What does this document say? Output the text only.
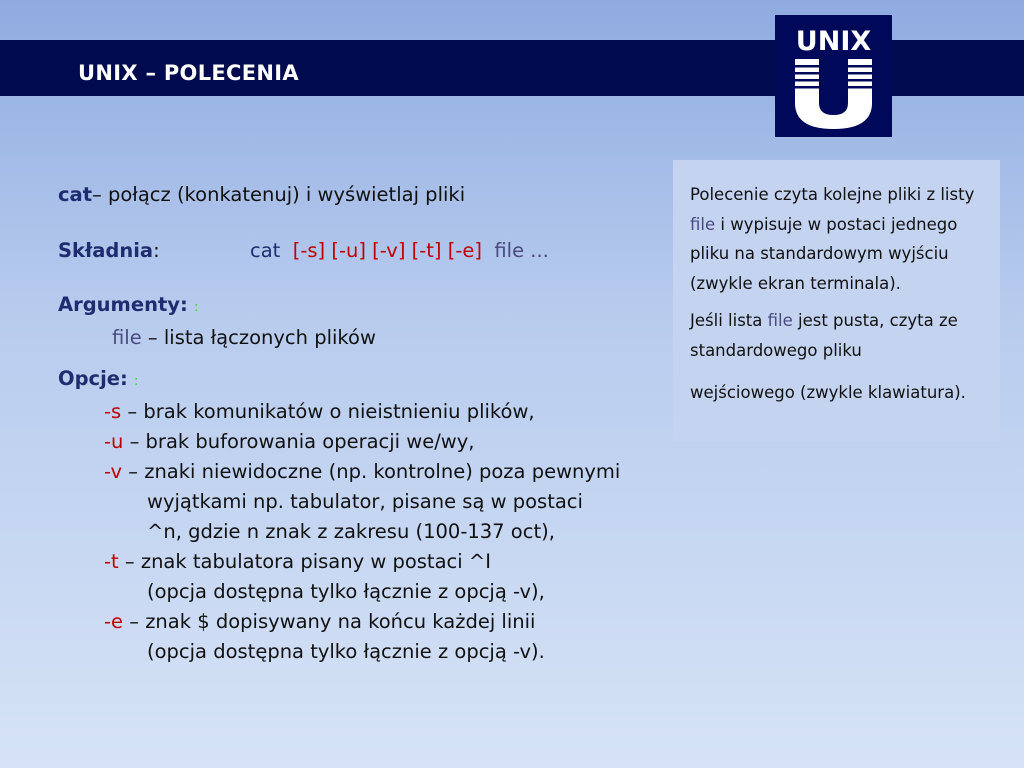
UNIX – POLECENIA
UNIX
cat– połącz (konkatenuj) i wyświetlaj pliki
Składnia:	cat [-s] [-u] [-v] [-t] [-e] file ...
Argumenty: :
file – lista łączonych plików
Opcje: :
-s – brak komunikatów o nieistnieniu plików,
-u – brak buforowania operacji we/wy,
-v – znaki niewidoczne (np. kontrolne) poza pewnymi
wyjątkami np. tabulator, pisane są w postaci
^n, gdzie n znak z zakresu (100-137 oct),
-t – znak tabulatora pisany w postaci ^I
(opcja dostępna tylko łącznie z opcją -v),
-e – znak $ dopisywany na końcu każdej linii
(opcja dostępna tylko łącznie z opcją -v).

Polecenie czyta kolejne pliki z listy file i wypisuje w postaci jednego pliku na standardowym wyjściu (zwykle ekran terminala).

Jeśli lista file jest pusta, czyta ze standardowego pliku

wejściowego (zwykle klawiatura).
